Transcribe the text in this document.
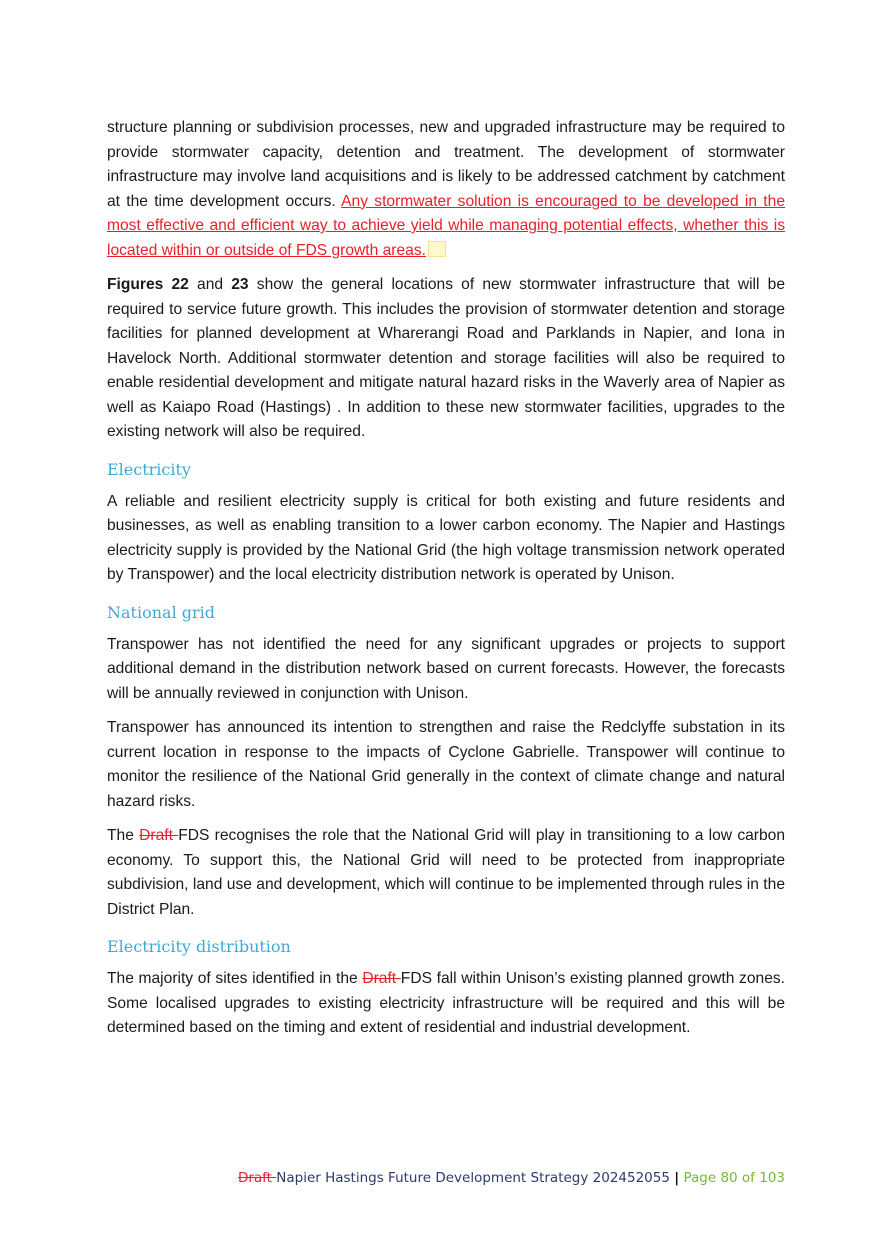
structure planning or subdivision processes, new and upgraded infrastructure may be required to provide stormwater capacity, detention and treatment. The development of stormwater infrastructure may involve land acquisitions and is likely to be addressed catchment by catchment at the time development occurs. Any stormwater solution is encouraged to be developed in the most effective and efficient way to achieve yield while managing potential effects, whether this is located within or outside of FDS growth areas.

Figures 22 and 23 show the general locations of new stormwater infrastructure that will be required to service future growth. This includes the provision of stormwater detention and storage facilities for planned development at Wharerangi Road and Parklands in Napier, and Iona in Havelock North. Additional stormwater detention and storage facilities will also be required to enable residential development and mitigate natural hazard risks in the Waverly area of Napier as well as Kaiapo Road (Hastings) . In addition to these new stormwater facilities, upgrades to the existing network will also be required.

Electricity

A reliable and resilient electricity supply is critical for both existing and future residents and businesses, as well as enabling transition to a lower carbon economy. The Napier and Hastings electricity supply is provided by the National Grid (the high voltage transmission network operated by Transpower) and the local electricity distribution network is operated by Unison.

National grid

Transpower has not identified the need for any significant upgrades or projects to support additional demand in the distribution network based on current forecasts. However, the forecasts will be annually reviewed in conjunction with Unison.

Transpower has announced its intention to strengthen and raise the Redclyffe substation in its current location in response to the impacts of Cyclone Gabrielle. Transpower will continue to monitor the resilience of the National Grid generally in the context of climate change and natural hazard risks.

The Draft FDS recognises the role that the National Grid will play in transitioning to a low carbon economy. To support this, the National Grid will need to be protected from inappropriate subdivision, land use and development, which will continue to be implemented through rules in the District Plan.

Electricity distribution

The majority of sites identified in the Draft FDS fall within Unison’s existing planned growth zones. Some localised upgrades to existing electricity infrastructure will be required and this will be determined based on the timing and extent of residential and industrial development.

Draft Napier Hastings Future Development Strategy 202452055 | Page 80 of 103
